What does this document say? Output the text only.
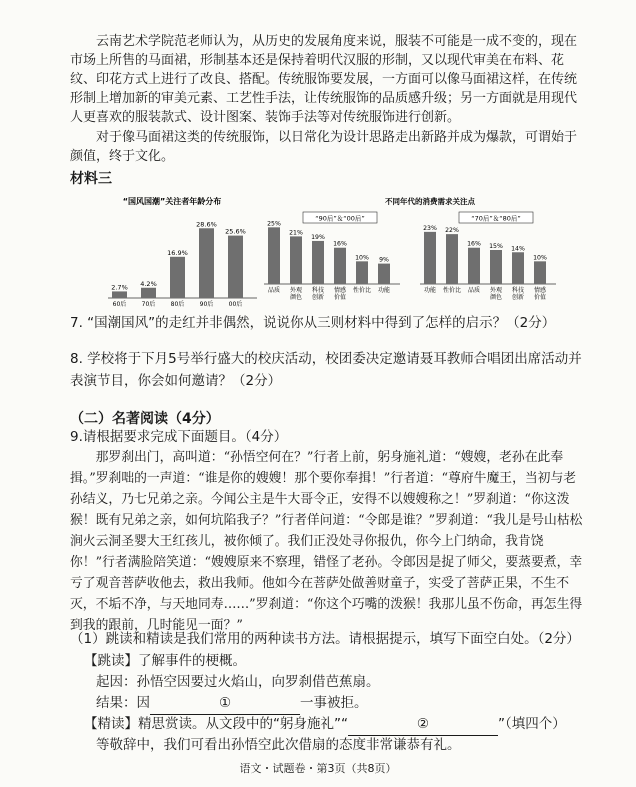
云南艺术学院范老师认为，从历史的发展角度来说，服装不可能是一成不变的，现在市场上所售的马面裙，形制基本还是保持着明代汉服的形制，又以现代审美在布料、花纹、印花方式上进行了改良、搭配。传统服饰要发展，一方面可以像马面裙这样，在传统形制上增加新的审美元素、工艺性手法，让传统服饰的品质感升级；另一方面就是用现代人更喜欢的服装款式、设计图案、装饰手法等对传统服饰进行创新。

对于像马面裙这类的传统服饰，以日常化为设计思路走出新路并成为爆款，可谓始于颜值，终于文化。

材料三
“国风国潮”关注者年龄分布
2.7%
60后
4.2%
70后
16.9%
80后
28.6%
90后
25.6%
00后
不同年代的消费需求关注点
“90后”＆“00后”
25%
品质
21%
外观
颜色
19%
科技
创新
16%
情感
价值
10%
性价比
9%
功能
“70后”＆“80后”
23%
功能
22%
性价比
16%
品质
15%
外观
颜色
14%
科技
创新
10%
情感
价值
7. “国潮国风”的走红并非偶然，说说你从三则材料中得到了怎样的启示？（2分）
8. 学校将于下月5号举行盛大的校庆活动，校团委决定邀请聂耳教师合唱团出席活动并表演节目，你会如何邀请？（2分）
（二）名著阅读（4分）
9.请根据要求完成下面题目。（4分）

那罗刹出门，高叫道：“孙悟空何在？”行者上前，躬身施礼道：“嫂嫂，老孙在此奉揖。”罗刹咄的一声道：“谁是你的嫂嫂！那个要你奉揖！”行者道：“尊府牛魔王，当初与老孙结义，乃七兄弟之亲。今闻公主是牛大哥令正，安得不以嫂嫂称之！”罗刹道：“你这泼猴！既有兄弟之亲，如何坑陷我子？”行者佯问道：“令郎是谁？”罗刹道：“我儿是号山枯松涧火云洞圣婴大王红孩儿，被你倾了。我们正没处寻你报仇，你今上门纳命，我肯饶你！”行者满脸陪笑道：“嫂嫂原来不察理，错怪了老孙。令郎因是捉了师父，要蒸要煮，幸亏了观音菩萨收他去，救出我师。他如今在菩萨处做善财童子，实受了菩萨正果，不生不灭，不垢不净，与天地同寿……”罗刹道：“你这个巧嘴的泼猴！我那儿虽不伤命，再怎生得到我的跟前，几时能见一面？”

（1）跳读和精读是我们常用的两种读书方法。请根据提示，填写下面空白处。（2分）
【跳读】了解事件的梗概。
起因：孙悟空因要过火焰山，向罗刹借芭蕉扇。
结果：因	①	一事被拒。
【精读】精思赏读。从文段中的“躬身施礼”“	②	”（填四个）
等敬辞中，我们可看出孙悟空此次借扇的态度非常谦恭有礼。
语文・试题卷・第3页（共8页）
